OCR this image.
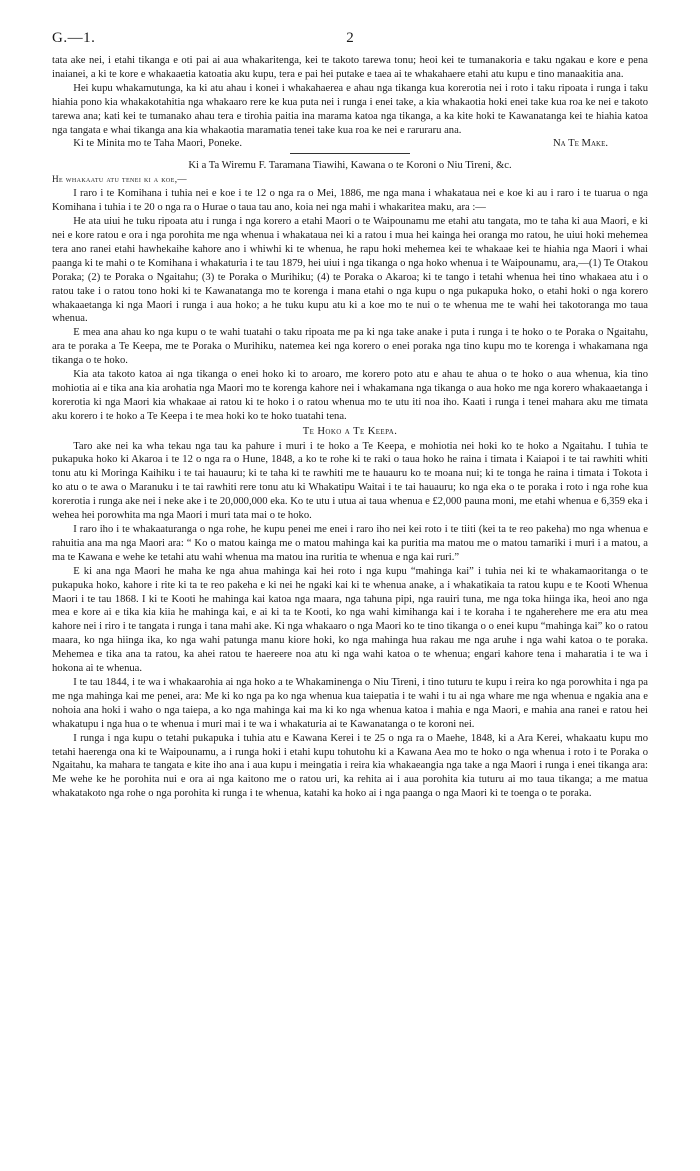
G.—1.	2

tata ake nei, i etahi tikanga e oti pai ai aua whakaritenga, kei te takoto tarewa tonu; heoi kei te tumanakoria e taku ngakau e kore e pena inaianei, a ki te kore e whakaaetia katoatia aku kupu, tera e pai hei putake e taea ai te whakahaere etahi atu kupu e tino manaakitia ana.

Hei kupu whakamutunga, ka ki atu ahau i konei i whakahaerea e ahau nga tikanga kua korerotia nei i roto i taku ripoata i runga i taku hiahia pono kia whakakotahitia nga whakaaro rere ke kua puta nei i runga i enei take, a kia whakaotia hoki enei take kua roa ke nei e takoto tarewa ana; kati kei te tumanako ahau tera e tirohia paitia ina marama katoa nga tikanga, a ka kite hoki te Kawanatanga kei te hiahia katoa nga tangata e whai tikanga ana kia whakaotia maramatia tenei take kua roa ke nei e raruraru ana.

Ki te Minita mo te Taha Maori, Poneke.	Na Te Make.

Ki a Ta Wiremu F. Taramana Tiawihi, Kawana o te Koroni o Niu Tireni, &c.

He whakaatu atu tenei ki a koe,—

I raro i te Komihana i tuhia nei e koe i te 12 o nga ra o Mei, 1886, me nga mana i whakataua nei e koe ki au i raro i te tuarua o nga Komihana i tuhia i te 20 o nga ra o Hurae o taua tau ano, koia nei nga mahi i whakaritea maku, ara :—

He ata uiui he tuku ripoata atu i runga i nga korero a etahi Maori o te Waipounamu me etahi atu tangata, mo te taha ki aua Maori, e ki nei e kore ratou e ora i nga porohita me nga whenua i whakataua nei ki a ratou i mua hei kainga hei oranga mo ratou, he uiui hoki mehemea tera ano ranei etahi hawhekaihe kahore ano i whiwhi ki te whenua, he rapu hoki mehemea kei te whakaae kei te hiahia nga Maori i whai paanga ki te mahi o te Komihana i whakaturia i te tau 1879, hei uiui i nga tikanga o nga hoko whenua i te Waipounamu, ara,—(1) Te Otakou Poraka; (2) te Poraka o Ngaitahu; (3) te Poraka o Murihiku; (4) te Poraka o Akaroa; ki te tango i tetahi whenua hei tino whakaea atu i o ratou take i o ratou tono hoki ki te Kawanatanga mo te korenga i mana etahi o nga kupu o nga pukapuka hoko, o etahi hoki o nga korero whakaaetanga ki nga Maori i runga i aua hoko; a he tuku kupu atu ki a koe mo te nui o te whenua me te wahi hei takotoranga mo taua whenua.

E mea ana ahau ko nga kupu o te wahi tuatahi o taku ripoata me pa ki nga take anake i puta i runga i te hoko o te Poraka o Ngaitahu, ara te poraka a Te Keepa, me te Poraka o Murihiku, natemea kei nga korero o enei poraka nga tino kupu mo te korenga i whakamana nga tikanga o te hoko.

Kia ata takoto katoa ai nga tikanga o enei hoko ki to aroaro, me korero poto atu e ahau te ahua o te hoko o aua whenua, kia tino mohiotia ai e tika ana kia arohatia nga Maori mo te korenga kahore nei i whakamana nga tikanga o aua hoko me nga korero whakaaetanga i korerotia ki nga Maori kia whakaae ai ratou ki te hoko i o ratou whenua mo te utu iti noa iho. Kaati i runga i tenei mahara aku me timata aku korero i te hoko a Te Keepa i te mea hoki ko te hoko tuatahi tena.

Te Hoko a Te Keepa.

Taro ake nei ka wha tekau nga tau ka pahure i muri i te hoko a Te Keepa, e mohiotia nei hoki ko te hoko a Ngaitahu. I tuhia te pukapuka hoko ki Akaroa i te 12 o nga ra o Hune, 1848, a ko te rohe ki te raki o taua hoko he raina i timata i Kaiapoi i te tai rawhiti whiti tonu atu ki Moringa Kaihiku i te tai hauauru; ki te taha ki te rawhiti me te hauauru ko te moana nui; ki te tonga he raina i timata i Tokota i ko atu o te awa o Maranuku i te tai rawhiti rere tonu atu ki Whakatipu Waitai i te tai hauauru; ko nga eka o te poraka i roto i nga rohe kua korerotia i runga ake nei i neke ake i te 20,000,000 eka. Ko te utu i utua ai taua whenua e £2,000 pauna moni, me etahi whenua e 6,359 eka i wehea hei porowhita ma nga Maori i muri tata mai o te hoko.

I raro iho i te whakaaturanga o nga rohe, he kupu penei me enei i raro iho nei kei roto i te tiiti (kei ta te reo pakeha) mo nga whenua e rahuitia ana ma nga Maori ara: “ Ko o matou kainga me o matou mahinga kai ka puritia ma matou me o matou tamariki i muri i a matou, a ma te Kawana e wehe ke tetahi atu wahi whenua ma matou ina ruritia te whenua e nga kai ruri.”

E ki ana nga Maori he maha ke nga ahua mahinga kai hei roto i nga kupu “mahinga kai” i tuhia nei ki te whakamaoritanga o te pukapuka hoko, kahore i rite ki ta te reo pakeha e ki nei he ngaki kai ki te whenua anake, a i whakatikaia ta ratou kupu e te Kooti Whenua Maori i te tau 1868. I ki te Kooti he mahinga kai katoa nga maara, nga tahuna pipi, nga rauiri tuna, me nga toka hiinga ika, heoi ano nga mea e kore ai e tika kia kiia he mahinga kai, e ai ki ta te Kooti, ko nga wahi kimihanga kai i te koraha i te ngaherehere me era atu mea kahore nei i riro i te tangata i runga i tana mahi ake. Ki nga whakaaro o nga Maori ko te tino tikanga o o enei kupu “mahinga kai” ko o ratou maara, ko nga hiinga ika, ko nga wahi patunga manu kiore hoki, ko nga mahinga hua rakau me nga aruhe i nga wahi katoa o te poraka. Mehemea e tika ana ta ratou, ka ahei ratou te haereere noa atu ki nga wahi katoa o te whenua; engari kahore tena i maharatia i te wa i hokona ai te whenua.

I te tau 1844, i te wa i whakaarohia ai nga hoko a te Whakaminenga o Niu Tireni, i tino tuturu te kupu i reira ko nga porowhita i nga pa me nga mahinga kai me penei, ara: Me ki ko nga pa ko nga whenua kua taiepatia i te wahi i tu ai nga whare me nga whenua e ngakia ana e nohoia ana hoki i waho o nga taiepa, a ko nga mahinga kai ma ki ko nga whenua katoa i mahia e nga Maori, e mahia ana ranei e ratou hei whakatupu i nga hua o te whenua i muri mai i te wa i whakaturia ai te Kawanatanga o te koroni nei.

I runga i nga kupu o tetahi pukapuka i tuhia atu e Kawana Kerei i te 25 o nga ra o Maehe, 1848, ki a Ara Kerei, whakaatu kupu mo tetahi haerenga ona ki te Waipounamu, a i runga hoki i etahi kupu tohutohu ki a Kawana Aea mo te hoko o nga whenua i roto i te Poraka o Ngaitahu, ka mahara te tangata e kite iho ana i aua kupu i meingatia i reira kia whakaeangia nga take a nga Maori i runga i enei tikanga ara: Me wehe ke he porohita nui e ora ai nga kaitono me o ratou uri, ka rehita ai i aua porohita kia tuturu ai mo taua tikanga; a me matua whakatakoto nga rohe o nga porohita ki runga i te whenua, katahi ka hoko ai i nga paanga o nga Maori ki te toenga o te poraka.
